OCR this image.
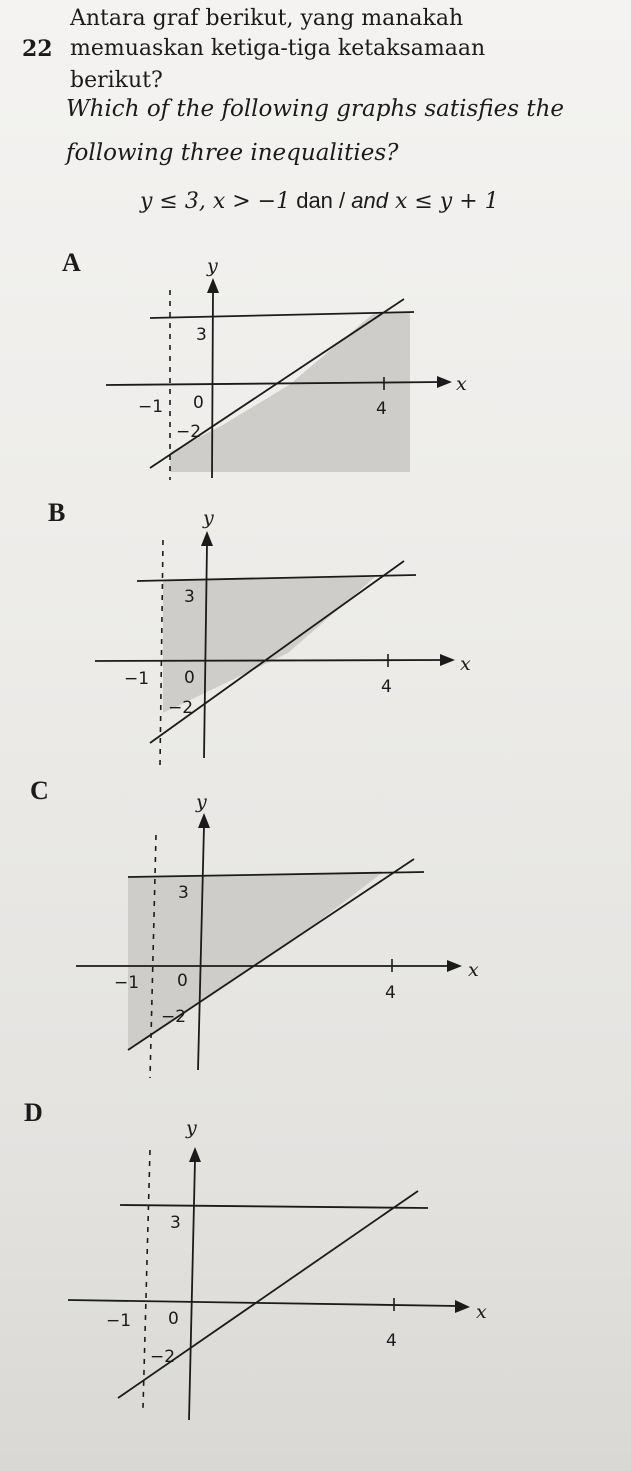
22
Antara graf berikut, yang manakah
memuaskan ketiga-tiga ketaksamaan
berikut?
Which of the following graphs satisfies the
following three inequalities?
y ≤ 3, x > −1 dan / and x ≤ y + 1
A	y
x
3
−1 0	4
−2
B	y
x
3
−1 0	4
−2
C	y
x
3
−1 0
4
−2
D
y
x
3
−1 0
4
−2
